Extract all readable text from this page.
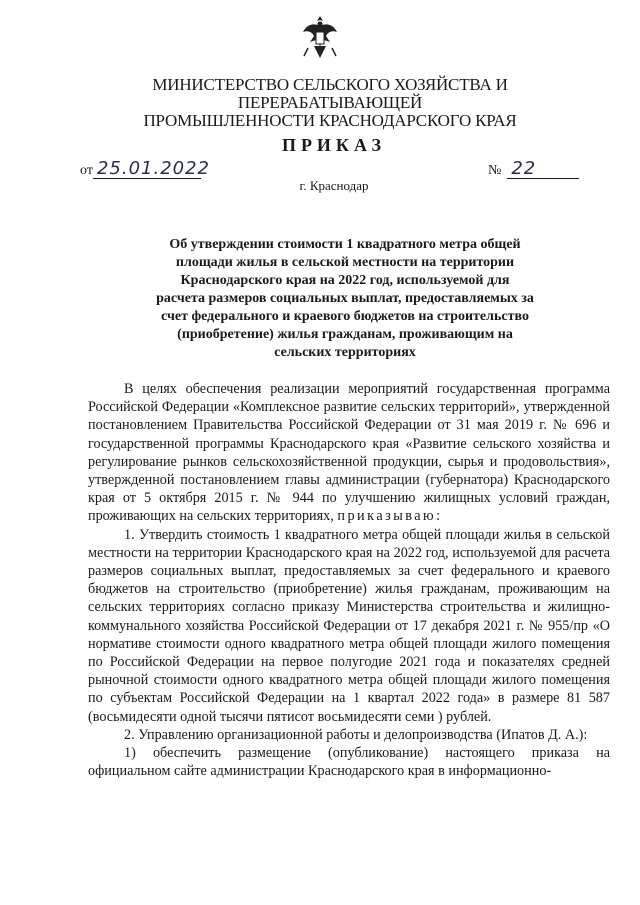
МИНИСТЕРСТВО СЕЛЬСКОГО ХОЗЯЙСТВА И ПЕРЕРАБАТЫВАЮЩЕЙ
ПРОМЫШЛЕННОСТИ КРАСНОДАРСКОГО КРАЯ
ПРИКАЗ
от 25.01.2022	№ 22
г. Краснодар
Об утверждении стоимости 1 квадратного метра общей
площади жилья в сельской местности на территории
Краснодарского края на 2022 год, используемой для
расчета размеров социальных выплат, предоставляемых за
счет федерального и краевого бюджетов на строительство
(приобретение) жилья гражданам, проживающим на
сельских территориях

В целях обеспечения реализации мероприятий государственная программа Российской Федерации «Комплексное развитие сельских территорий», утвержденной постановлением Правительства Российской Федерации от 31 мая 2019 г. № 696 и государственной программы Краснодарского края «Развитие сельского хозяйства и регулирование рынков сельскохозяйственной продукции, сырья и продовольствия», утвержденной постановлением главы администрации (губернатора) Краснодарского края от 5 октября 2015 г. № 944 по улучшению жилищных условий граждан, проживающих на сельских территориях, приказываю:

1. Утвердить стоимость 1 квадратного метра общей площади жилья в сельской местности на территории Краснодарского края на 2022 год, используемой для расчета размеров социальных выплат, предоставляемых за счет федерального и краевого бюджетов на строительство (приобретение) жилья гражданам, проживающим на сельских территориях согласно приказу Министерства строительства и жилищно-коммунального хозяйства Российской Федерации от 17 декабря 2021 г. № 955/пр «О нормативе стоимости одного квадратного метра общей площади жилого помещения по Российской Федерации на первое полугодие 2021 года и показателях средней рыночной стоимости одного квадратного метра общей площади жилого помещения по субъектам Российской Федерации на 1 квартал 2022 года» в размере 81 587 (восьмидесяти одной тысячи пятисот восьмидесяти семи ) рублей.

2. Управлению организационной работы и делопроизводства (Ипатов Д. А.):

1) обеспечить размещение (опубликование) настоящего приказа на официальном сайте администрации Краснодарского края в информационно-
